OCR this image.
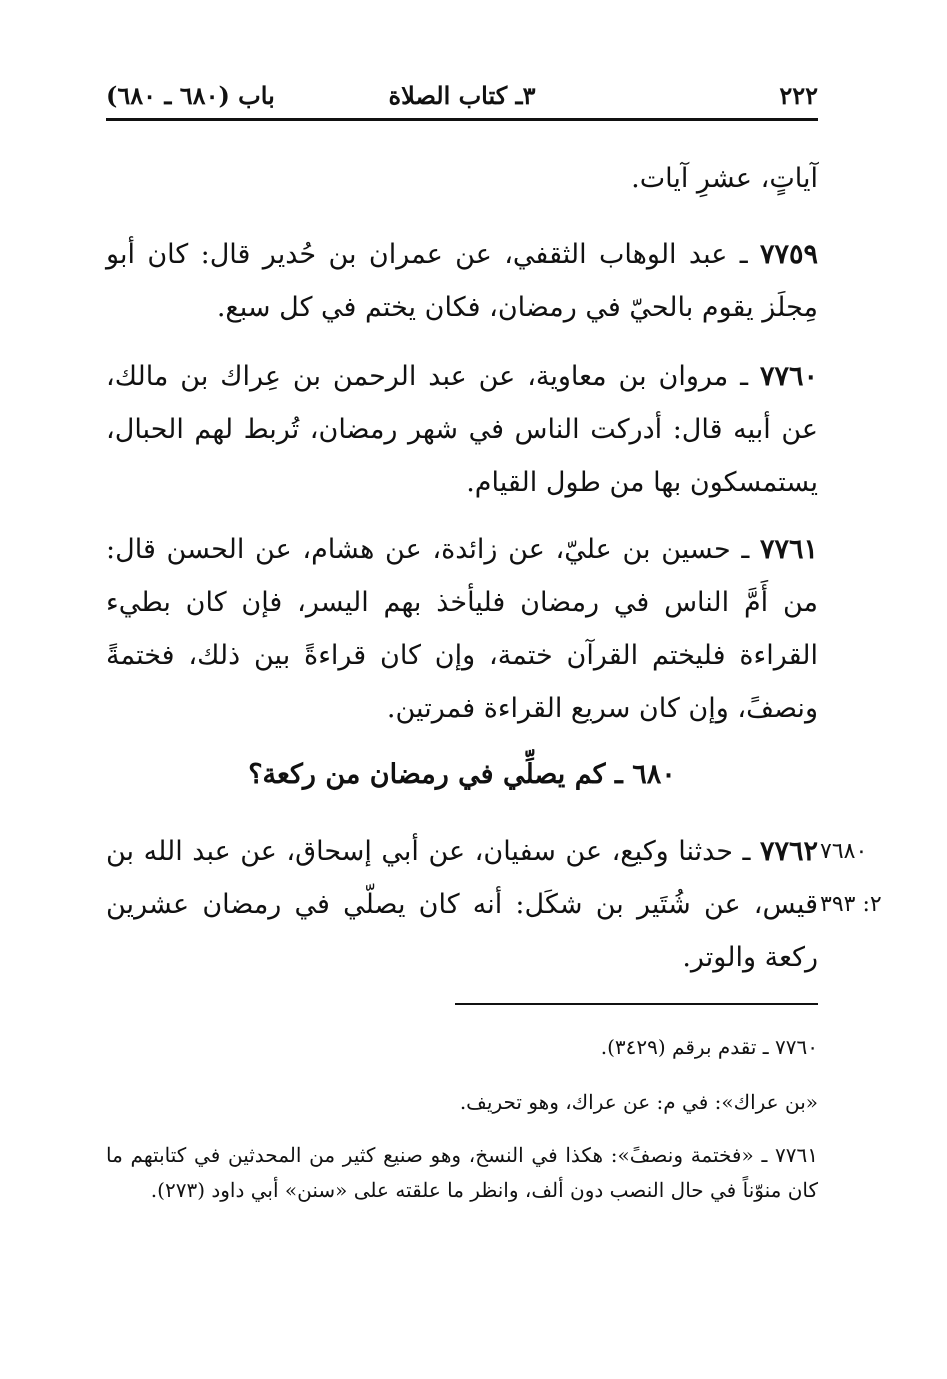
٢٢٢
٣ـ كتاب الصلاة
باب (٦٨٠ ـ ٦٨٠)
آياتٍ، عشرِ آيات.
٧٧٥٩ ـ عبد الوهاب الثقفي، عن عمران بن حُدير قال: كان أبو مِجلَز يقوم بالحيّ في رمضان، فكان يختم في كل سبع.
٧٧٦٠ ـ مروان بن معاوية، عن عبد الرحمن بن عِراك بن مالك، عن أبيه قال: أدركت الناس في شهر رمضان، تُربط لهم الحبال، يستمسكون بها من طول القيام.
٧٧٦١ ـ حسين بن عليّ، عن زائدة، عن هشام، عن الحسن قال: من أَمَّ الناس في رمضان فليأخذ بهم اليسر، فإن كان بطيء القراءة فليختم القرآن ختمة، وإن كان قراءةً بين ذلك، فختمةً ونصفً، وإن كان سريع القراءة فمرتين.
٦٨٠ ـ كم يصلِّي في رمضان من ركعة؟
٧٧٦٢ ـ حدثنا وكيع، عن سفيان، عن أبي إسحاق، عن عبد الله بن قيس، عن شُتَير بن شكَل: أنه كان يصلّي في رمضان عشرين ركعة والوتر.
٧٦٨٠
٢: ٣٩٣
٧٧٦٠ ـ تقدم برقم (٣٤٢٩).
«بن عراك»: في م: عن عراك، وهو تحريف.
٧٧٦١ ـ «فختمة ونصفً»: هكذا في النسخ، وهو صنيع كثير من المحدثين في كتابتهم ما كان منوّناً في حال النصب دون ألف، وانظر ما علقته على «سنن» أبي داود (٢٧٣).
